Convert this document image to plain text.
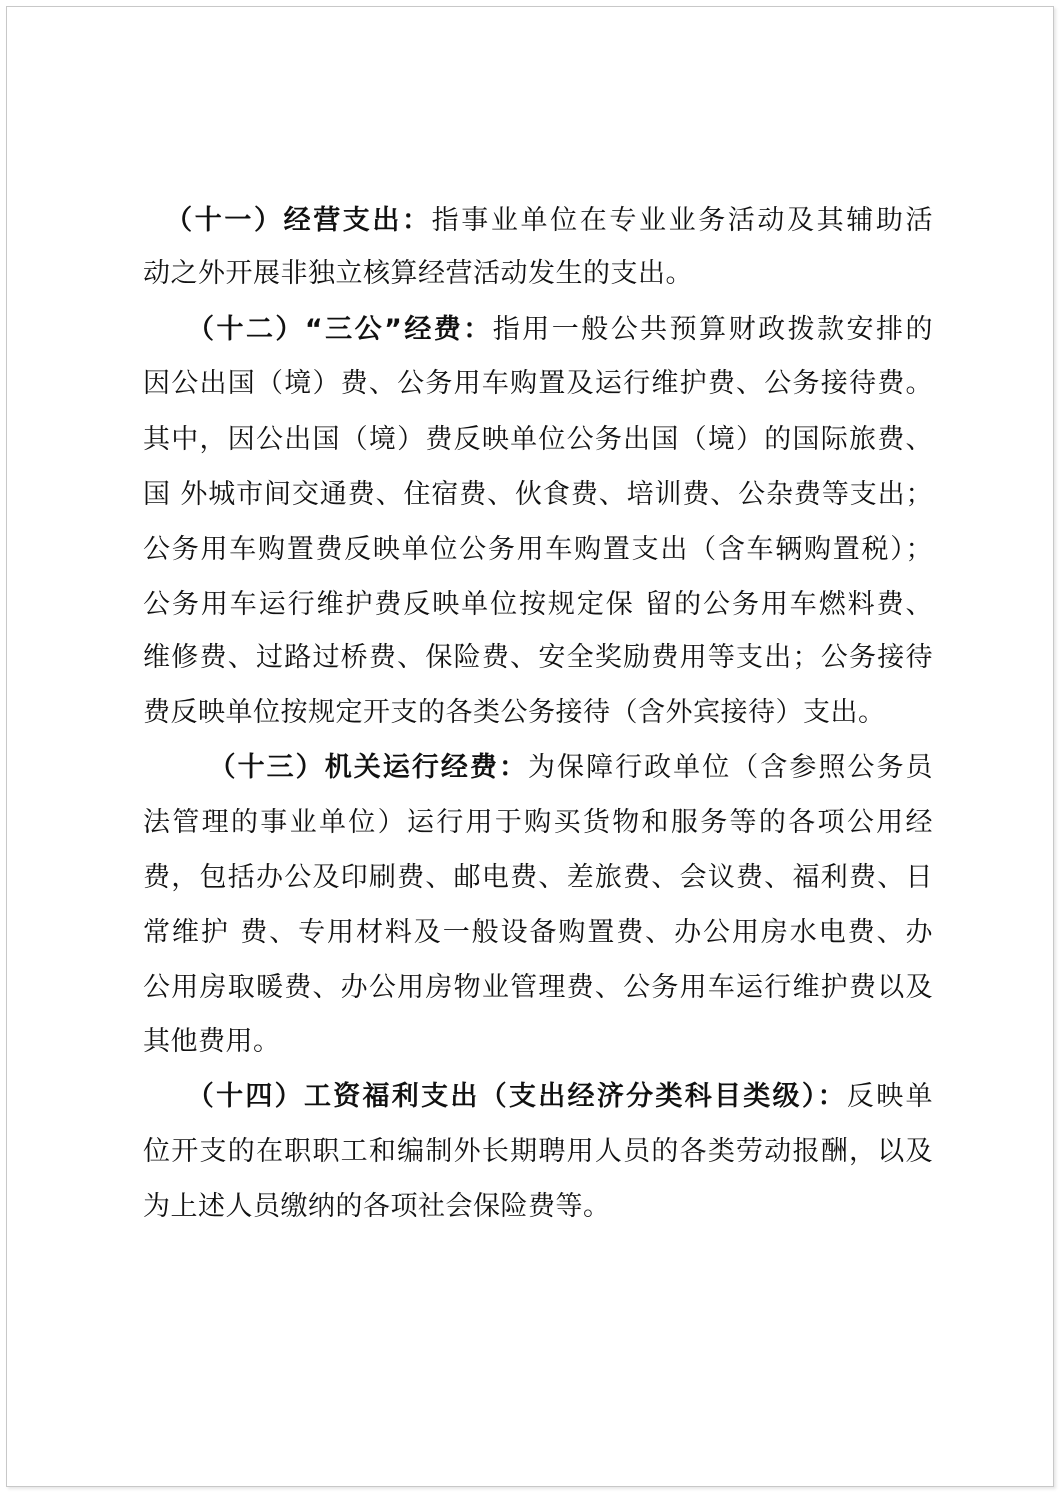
（十一）经营支出：指事业单位在专业业务活动及其辅助活
动之外开展非独立核算经营活动发生的支出。
（十二）“三公”经费：指用一般公共预算财政拨款安排的
因公出国（境）费、公务用车购置及运行维护费、公务接待费。
其中，因公出国（境）费反映单位公务出国（境）的国际旅费、
国 外城市间交通费、住宿费、伙食费、培训费、公杂费等支出；
公务用车购置费反映单位公务用车购置支出（含车辆购置税）；
公务用车运行维护费反映单位按规定保 留的公务用车燃料费、
维修费、过路过桥费、保险费、安全奖励费用等支出；公务接待
费反映单位按规定开支的各类公务接待（含外宾接待）支出。
（十三）机关运行经费：为保障行政单位（含参照公务员
法管理的事业单位）运行用于购买货物和服务等的各项公用经
费，包括办公及印刷费、邮电费、差旅费、会议费、福利费、日
常维护 费、专用材料及一般设备购置费、办公用房水电费、办
公用房取暖费、办公用房物业管理费、公务用车运行维护费以及
其他费用。
（十四）工资福利支出（支出经济分类科目类级）：反映单
位开支的在职职工和编制外长期聘用人员的各类劳动报酬，以及
为上述人员缴纳的各项社会保险费等。
